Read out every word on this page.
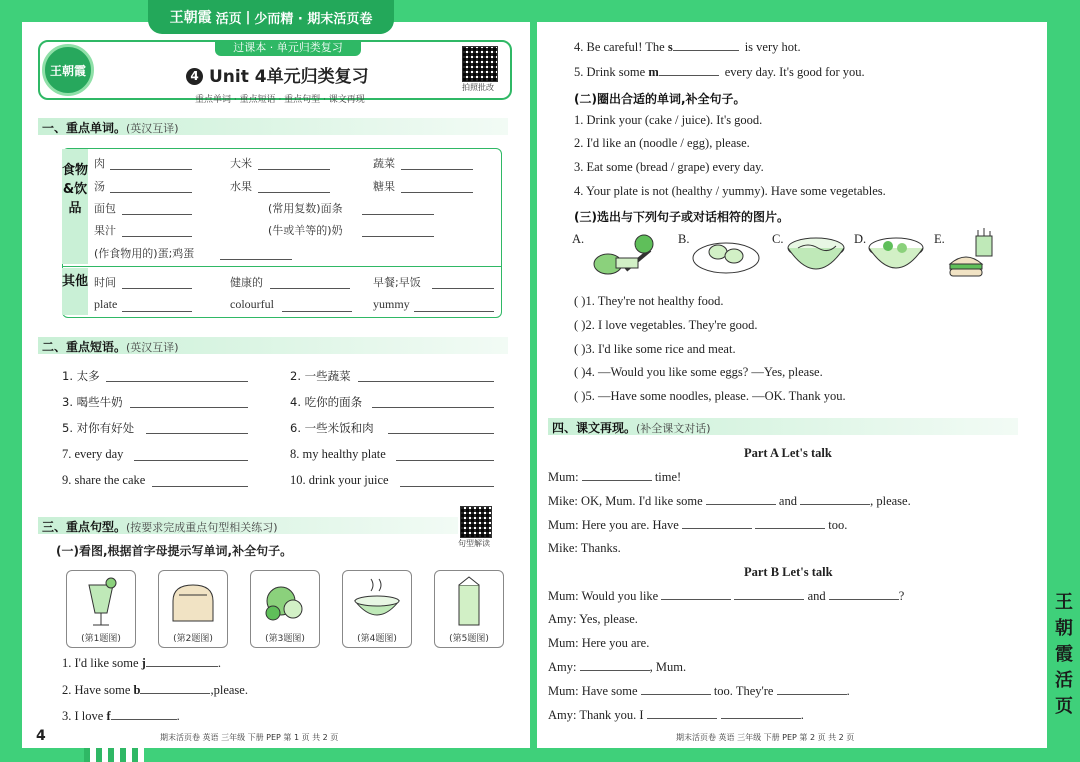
王朝霞 活页 | 少而精 · 期末活页卷
王朝霞
过课本 · 单元归类复习
4 Unit 4单元归类复习
重点单词 · 重点短语 · 重点句型 · 课文再现
拍照批改
一、重点单词。(英汉互译)
食物&饮品
其他
肉	大米	蔬菜
汤	水果	糖果
面包	(常用复数)面条
果汁	(牛或羊等的)奶
(作食物用的)蛋;鸡蛋
时间	健康的	早餐;早饭
plate	colourful	yummy
二、重点短语。(英汉互译)
1. 太多	2. 一些蔬菜
3. 喝些牛奶	4. 吃你的面条
5. 对你有好处	6. 一些米饭和肉
7. every day	8. my healthy plate
9. share the cake	10. drink your juice
三、重点句型。(按要求完成重点句型相关练习)
句型解读
(一)看图,根据首字母提示写单词,补全句子。
(第1题图)	(第2题图)	(第3题图)	(第4题图)	(第5题图)
1. I'd like some j	.
2. Have some b	,please.
3. I love f	.
4	期末活页卷 英语 三年级 下册 PEP 第 1 页 共 2 页
4. Be careful! The s	is very hot.
5. Drink some m	every day. It's good for you.
(二)圈出合适的单词,补全句子。
1. Drink your (cake / juice). It's good.
2. I'd like an (noodle / egg), please.
3. Eat some (bread / grape) every day.
4. Your plate is not (healthy / yummy). Have some vegetables.
(三)选出与下列句子或对话相符的图片。
A.	B.	C.	D.	E.
( )1. They're not healthy food.
( )2. I love vegetables. They're good.
( )3. I'd like some rice and meat.
( )4. —Would you like some eggs? —Yes, please.
( )5. —Have some noodles, please. —OK. Thank you.
四、课文再现。(补全课文对话)
Part A Let's talk
Mum:	time!
Mike: OK, Mum. I'd like some	and	, please.
Mum: Here you are. Have	too.
Mike: Thanks.
Part B Let's talk
Mum: Would you like	and	?
Amy: Yes, please.
Mum: Here you are.
Amy:	, Mum.
Mum: Have some	too. They're	.
Amy: Thank you. I	.
期末活页卷 英语 三年级 下册 PEP 第 2 页 共 2 页
王
朝
霞
活
页
